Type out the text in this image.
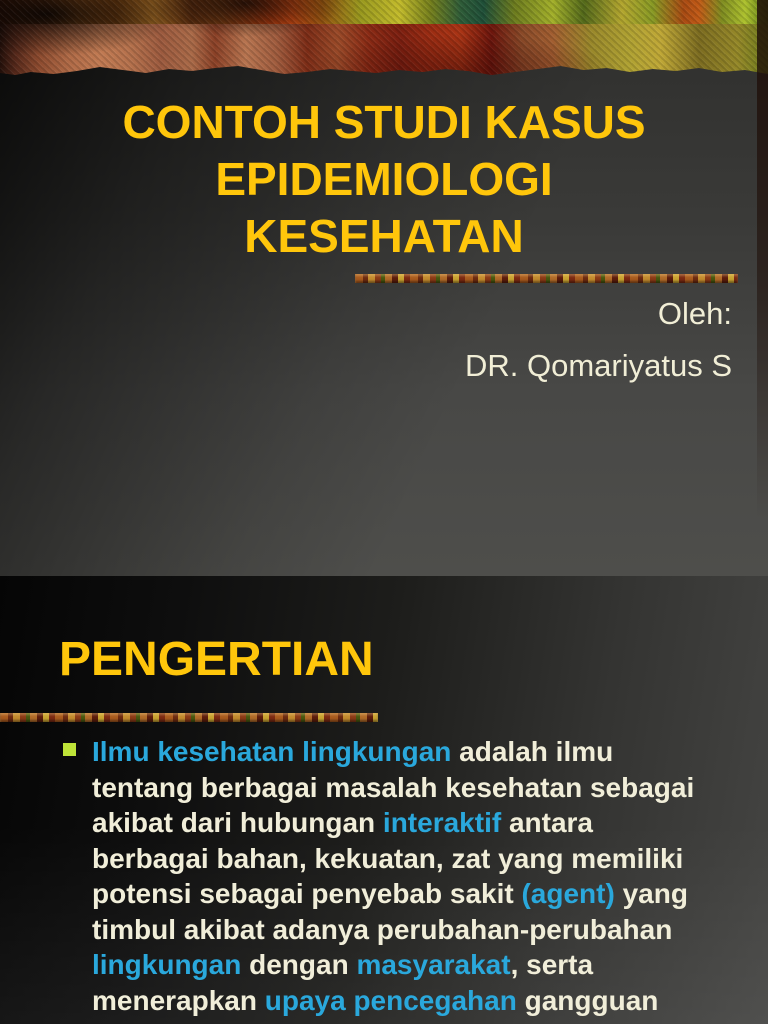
CONTOH STUDI KASUS
EPIDEMIOLOGI
KESEHATAN
Oleh:
DR. Qomariyatus S
PENGERTIAN
Ilmu kesehatan lingkungan adalah ilmu
tentang berbagai masalah kesehatan sebagai
akibat dari hubungan interaktif antara
berbagai bahan, kekuatan, zat yang memiliki
potensi sebagai penyebab sakit (agent) yang
timbul akibat adanya perubahan-perubahan
lingkungan dengan masyarakat, serta
menerapkan upaya pencegahan gangguan
